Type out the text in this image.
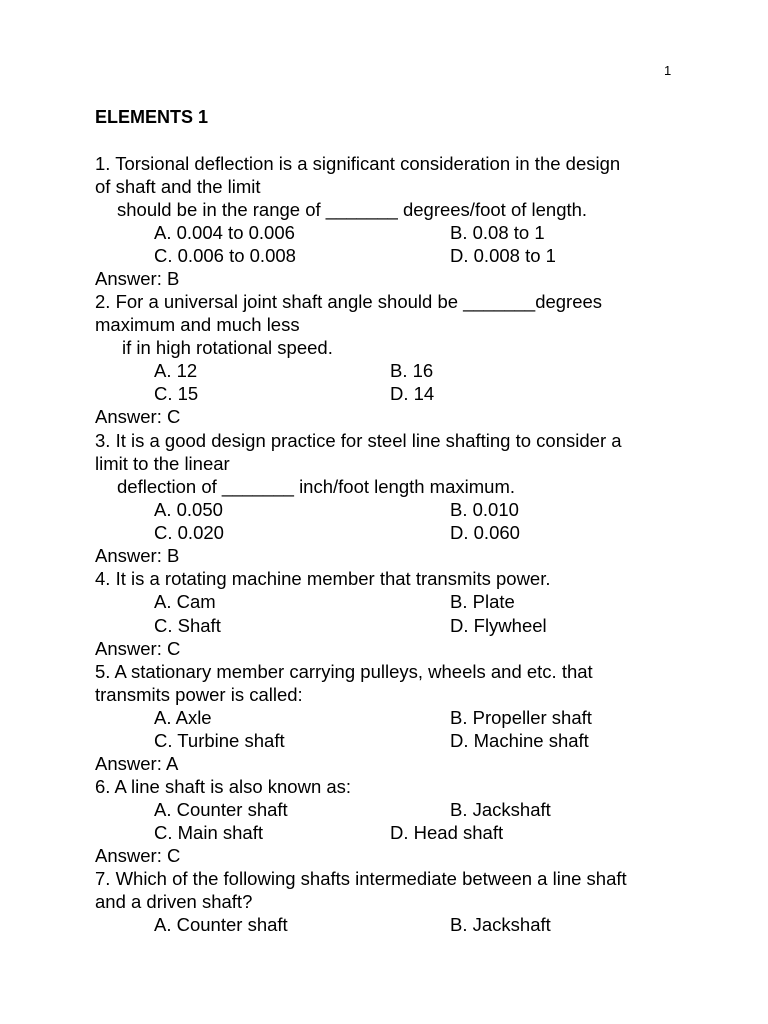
1
ELEMENTS 1
1. Torsional deflection is a significant consideration in the design
of shaft and the limit
should be in the range of _______ degrees/foot of length.
A. 0.004 to 0.006	B. 0.08 to 1
C. 0.006 to 0.008	D. 0.008 to 1
Answer: B
2. For a universal joint shaft angle should be _______degrees
maximum and much less
if in high rotational speed.
A. 12	B. 16
C. 15	D. 14
Answer: C
3. It is a good design practice for steel line shafting to consider a
limit to the linear
deflection of _______ inch/foot length maximum.
A. 0.050	B. 0.010
C. 0.020	D. 0.060
Answer: B
4. It is a rotating machine member that transmits power.
A. Cam	B. Plate
C. Shaft	D. Flywheel
Answer: C
5. A stationary member carrying pulleys, wheels and etc. that
transmits power is called:
A. Axle	B. Propeller shaft
C. Turbine shaft	D. Machine shaft
Answer: A
6. A line shaft is also known as:
A. Counter shaft	B. Jackshaft
C. Main shaft	D. Head shaft
Answer: C
7. Which of the following shafts intermediate between a line shaft
and a driven shaft?
A. Counter shaft	B. Jackshaft
